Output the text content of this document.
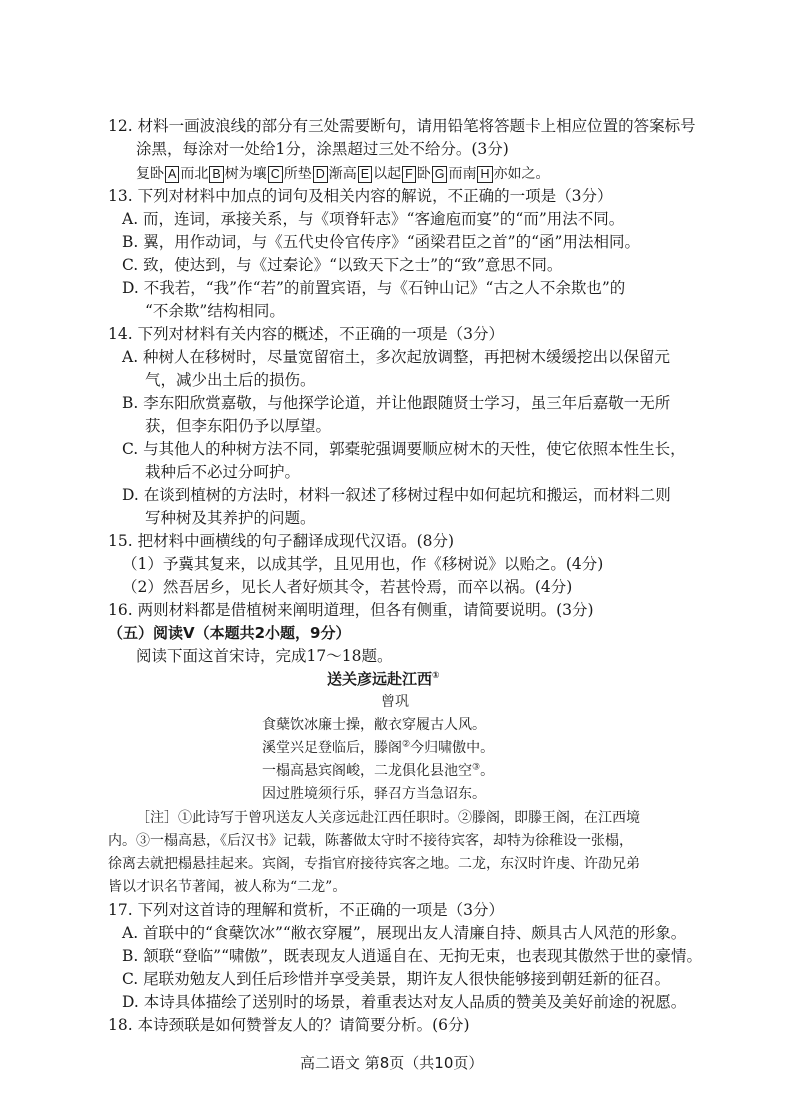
12. 材料一画波浪线的部分有三处需要断句，请用铅笔将答题卡上相应位置的答案标号
涂黑，每涂对一处给1分，涂黑超过三处不给分。(3分)
复卧 A 而北 B 树为壤 C 所垫 D 渐高 E 以起 F 卧 G 而南 H 亦如之。
13. 下列对材料中加点的词句及相关内容的解说，不正确的一项是（3分）
A. 而，连词，承接关系，与《项脊轩志》“客逾庖而宴”的“而”用法不同。
B. 翼，用作动词，与《五代史伶官传序》“函梁君臣之首”的“函”用法相同。
C. 致，使达到，与《过秦论》“以致天下之士”的“致”意思不同。
D. 不我若，“我”作“若”的前置宾语，与《石钟山记》“古之人不余欺也”的
“不余欺”结构相同。
14. 下列对材料有关内容的概述，不正确的一项是（3分）
A. 种树人在移树时，尽量宽留宿土，多次起放调整，再把树木缓缓挖出以保留元
气，减少出土后的损伤。
B. 李东阳欣赏嘉敬，与他探学论道，并让他跟随贤士学习，虽三年后嘉敬一无所
获，但李东阳仍予以厚望。
C. 与其他人的种树方法不同，郭橐驼强调要顺应树木的天性，使它依照本性生长，
栽种后不必过分呵护。
D. 在谈到植树的方法时，材料一叙述了移树过程中如何起坑和搬运，而材料二则
写种树及其养护的问题。
15. 把材料中画横线的句子翻译成现代汉语。(8分)
（1）予冀其复来，以成其学，且见用也，作《移树说》以贻之。(4分)
（2）然吾居乡，见长人者好烦其令，若甚怜焉，而卒以祸。(4分)
16. 两则材料都是借植树来阐明道理，但各有侧重，请简要说明。(3分)
（五）阅读Ⅴ（本题共2小题，9分）
阅读下面这首宋诗，完成17～18题。
送关彦远赴江西①
曾巩
食蘖饮冰廉士操，敝衣穿履古人风。
溪堂兴足登临后，滕阁②今归啸傲中。
一榻高悬宾阁峻，二龙俱化县池空③。
因过胜境须行乐，驿召方当急诏东。
［注］①此诗写于曾巩送友人关彦远赴江西任职时。②滕阁，即滕王阁，在江西境
内。③一榻高悬，《后汉书》记载，陈蕃做太守时不接待宾客，却特为徐稚设一张榻，
徐离去就把榻悬挂起来。宾阁，专指官府接待宾客之地。二龙，东汉时许虔、许劭兄弟
皆以才识名节著闻，被人称为“二龙”。
17. 下列对这首诗的理解和赏析，不正确的一项是（3分）
A. 首联中的“食蘖饮冰”“敝衣穿履”，展现出友人清廉自持、颇具古人风范的形象。
B. 颔联“登临”“啸傲”，既表现友人逍遥自在、无拘无束，也表现其傲然于世的豪情。
C. 尾联劝勉友人到任后珍惜并享受美景，期许友人很快能够接到朝廷新的征召。
D. 本诗具体描绘了送别时的场景，着重表达对友人品质的赞美及美好前途的祝愿。
18. 本诗颈联是如何赞誉友人的？请简要分析。(6分)
高二语文 第8页（共10页）
